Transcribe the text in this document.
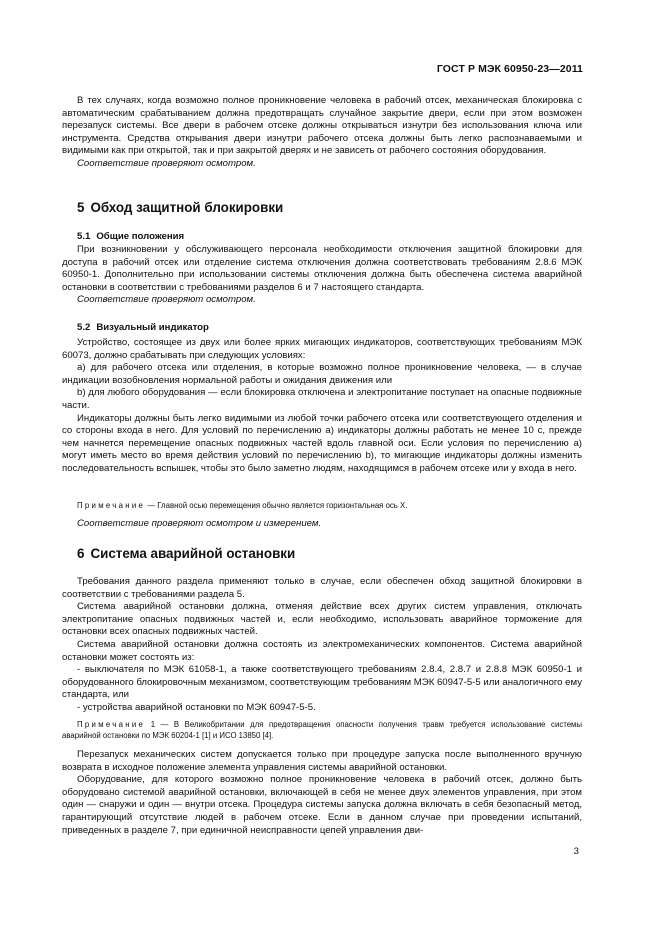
ГОСТ Р МЭК 60950-23—2011

В тех случаях, когда возможно полное проникновение человека в рабочий отсек, механическая блокировка с автоматическим срабатыванием должна предотвращать случайное закрытие двери, если при этом возможен перезапуск системы. Все двери в рабочем отсеке должны открываться изнутри без использования ключа или инструмента. Средства открывания двери изнутри рабочего отсека должны быть легко распознаваемыми и видимыми как при открытой, так и при закрытой дверях и не зависеть от рабочего состояния оборудования.

Соответствие проверяют осмотром.

5 Обход защитной блокировки
5.1 Общие положения

При возникновении у обслуживающего персонала необходимости отключения защитной блокировки для доступа в рабочий отсек или отделение система отключения должна соответствовать требованиям 2.8.6 МЭК 60950-1. Дополнительно при использовании системы отключения должна быть обеспечена система аварийной остановки в соответствии с требованиями разделов 6 и 7 настоящего стандарта.

Соответствие проверяют осмотром.

5.2 Визуальный индикатор

Устройство, состоящее из двух или более ярких мигающих индикаторов, соответствующих требованиям МЭК 60073, должно срабатывать при следующих условиях:

а) для рабочего отсека или отделения, в которые возможно полное проникновение человека, — в случае индикации возобновления нормальной работы и ожидания движения или

b) для любого оборудования — если блокировка отключена и электропитание поступает на опасные подвижные части.

Индикаторы должны быть легко видимыми из любой точки рабочего отсека или соответствующего отделения и со стороны входа в него. Для условий по перечислению а) индикаторы должны работать не менее 10 с, прежде чем начнется перемещение опасных подвижных частей вдоль главной оси. Если условия по перечислению а) могут иметь место во время действия условий по перечислению b), то мигающие индикаторы должны изменить последовательность вспышек, чтобы это было заметно людям, находящимся в рабочем отсеке или у входа в него.

Примечание — Главной осью перемещения обычно является горизонтальная ось X.

Соответствие проверяют осмотром и измерением.

6 Система аварийной остановки

Требования данного раздела применяют только в случае, если обеспечен обход защитной блокировки в соответствии с требованиями раздела 5.

Система аварийной остановки должна, отменяя действие всех других систем управления, отключать электропитание опасных подвижных частей и, если необходимо, использовать аварийное торможение для остановки всех опасных подвижных частей.

Система аварийной остановки должна состоять из электромеханических компонентов. Система аварийной остановки может состоять из:

- выключателя по МЭК 61058-1, а также соответствующего требованиям 2.8.4, 2.8.7 и 2.8.8 МЭК 60950-1 и оборудованного блокировочным механизмом, соответствующим требованиям МЭК 60947-5-5 или аналогичного ему стандарта, или

- устройства аварийной остановки по МЭК 60947-5-5.

Примечание 1 — В Великобритании для предотвращения опасности получения травм требуется использование системы аварийной остановки по МЭК 60204-1 [1] и ИСО 13850 [4].

Перезапуск механических систем допускается только при процедуре запуска после выполненного вручную возврата в исходное положение элемента управления системы аварийной остановки.

Оборудование, для которого возможно полное проникновение человека в рабочий отсек, должно быть оборудовано системой аварийной остановки, включающей в себя не менее двух элементов управления, при этом один — снаружи и один — внутри отсека. Процедура системы запуска должна включать в себя безопасный метод, гарантирующий отсутствие людей в рабочем отсеке. Если в данном случае при проведении испытаний, приведенных в разделе 7, при единичной неисправности цепей управления дви-

3
